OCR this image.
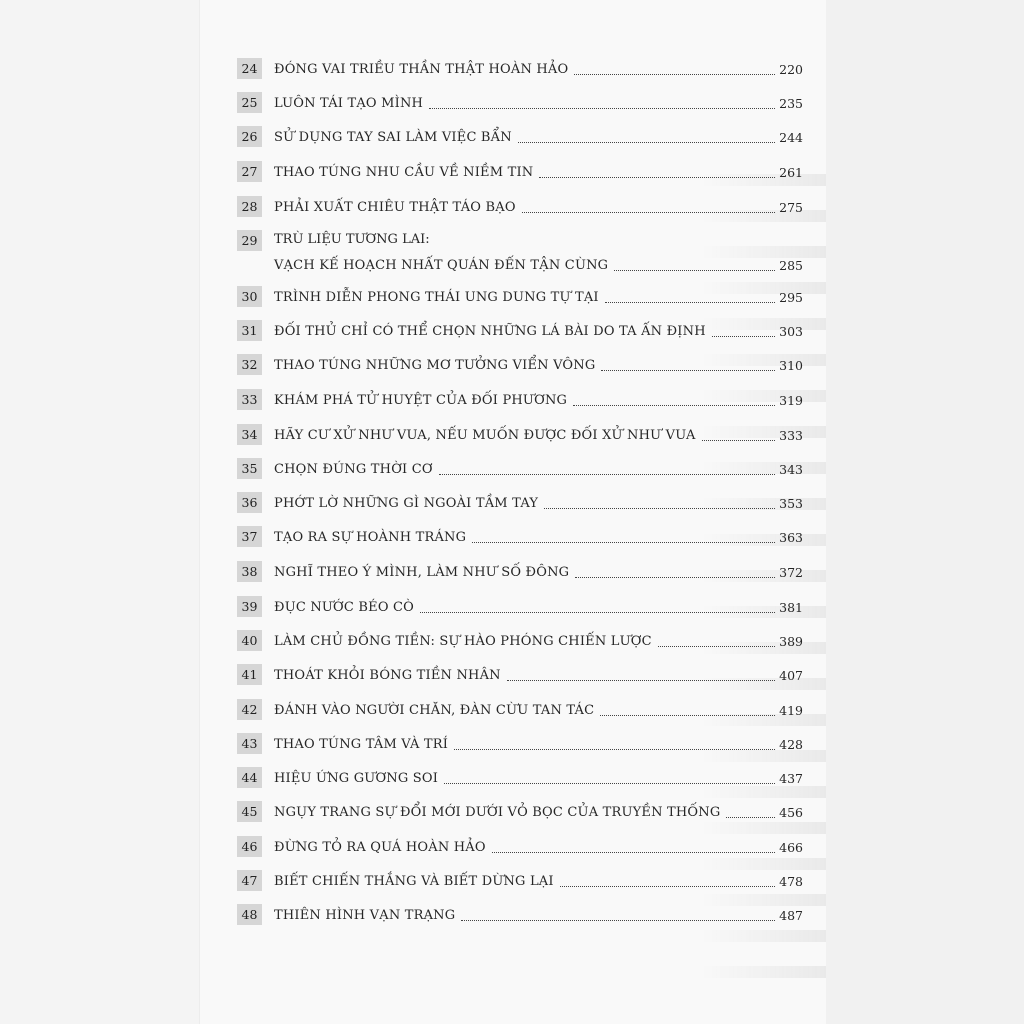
24	ĐÓNG VAI TRIỀU THẦN THẬT HOÀN HẢO	220
25	LUÔN TÁI TẠO MÌNH	235
26	SỬ DỤNG TAY SAI LÀM VIỆC BẨN	244
27	THAO TÚNG NHU CẦU VỀ NIỀM TIN	261
28	PHẢI XUẤT CHIÊU THẬT TÁO BẠO	275
29	TRÙ LIỆU TƯƠNG LAI:
VẠCH KẾ HOẠCH NHẤT QUÁN ĐẾN TẬN CÙNG	285
30	TRÌNH DIỄN PHONG THÁI UNG DUNG TỰ TẠI	295
31	ĐỐI THỦ CHỈ CÓ THỂ CHỌN NHỮNG LÁ BÀI DO TA ẤN ĐỊNH	303
32	THAO TÚNG NHỮNG MƠ TƯỞNG VIỂN VÔNG	310
33	KHÁM PHÁ TỬ HUYỆT CỦA ĐỐI PHƯƠNG	319
34	HÃY CƯ XỬ NHƯ VUA, NẾU MUỐN ĐƯỢC ĐỐI XỬ NHƯ VUA	333
35	CHỌN ĐÚNG THỜI CƠ	343
36	PHỚT LỜ NHỮNG GÌ NGOÀI TẦM TAY	353
37	TẠO RA SỰ HOÀNH TRÁNG	363
38	NGHĨ THEO Ý MÌNH, LÀM NHƯ SỐ ĐÔNG	372
39	ĐỤC NƯỚC BÉO CÒ	381
40	LÀM CHỦ ĐỒNG TIỀN: SỰ HÀO PHÓNG CHIẾN LƯỢC	389
41	THOÁT KHỎI BÓNG TIỀN NHÂN	407
42	ĐÁNH VÀO NGƯỜI CHĂN, ĐÀN CỪU TAN TÁC	419
43	THAO TÚNG TÂM VÀ TRÍ	428
44	HIỆU ỨNG GƯƠNG SOI	437
45	NGỤY TRANG SỰ ĐỔI MỚI DƯỚI VỎ BỌC CỦA TRUYỀN THỐNG	456
46	ĐỪNG TỎ RA QUÁ HOÀN HẢO	466
47	BIẾT CHIẾN THẮNG VÀ BIẾT DỪNG LẠI	478
48	THIÊN HÌNH VẠN TRẠNG	487
